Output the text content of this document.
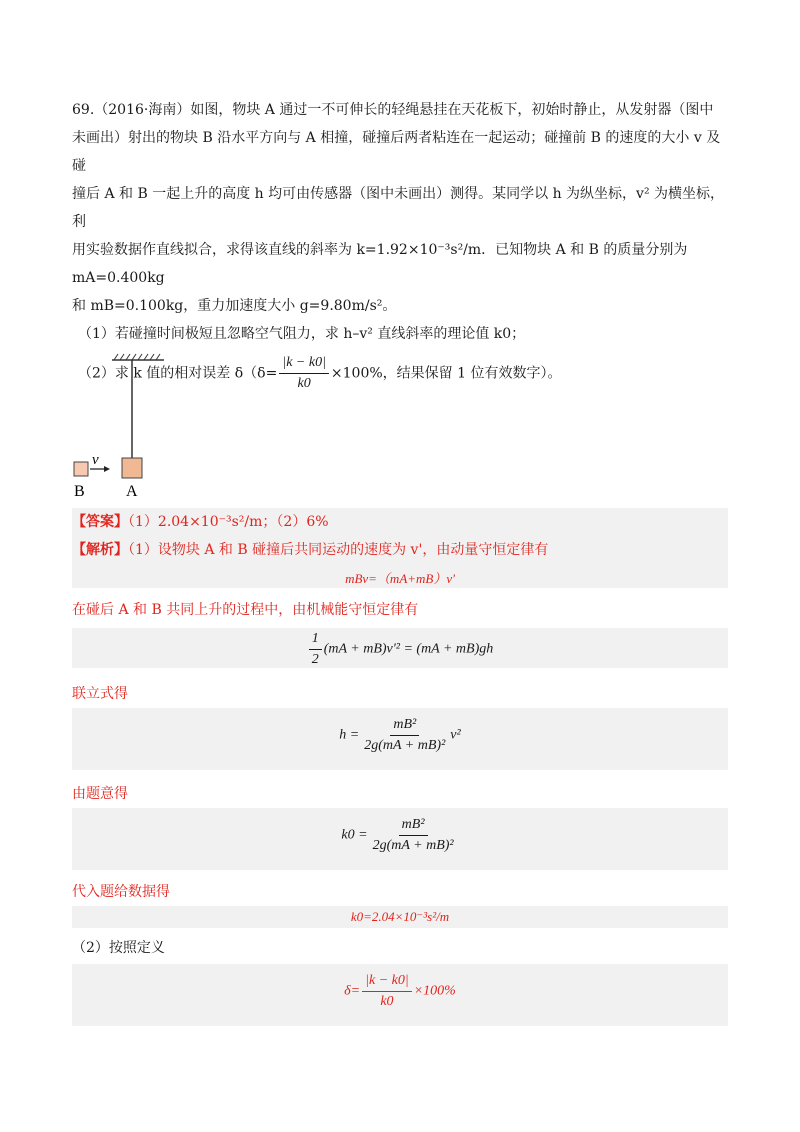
69.（2016·海南）如图，物块 A 通过一不可伸长的轻绳悬挂在天花板下，初始时静止，从发射器（图中

未画出）射出的物块 B 沿水平方向与 A 相撞，碰撞后两者粘连在一起运动；碰撞前 B 的速度的大小 v 及碰

撞后 A 和 B 一起上升的高度 h 均可由传感器（图中未画出）测得。某同学以 h 为纵坐标，v² 为横坐标，利

用实验数据作直线拟合，求得该直线的斜率为 k=1.92×10⁻³s²/m．已知物块 A 和 B 的质量分别为 mA=0.400kg

和 mB=0.100kg，重力加速度大小 g=9.80m/s²。

（1）若碰撞时间极短且忽略空气阻力，求 h–v² 直线斜率的理论值 k0；

（2）求 k 值的相对误差 $\delta(\delta= \frac{|k - k0|}{k0} \times 100\%$，结果保留 1 位有效数字）。

v
B	A

【答案】（1）2.04×10⁻³s²/m；（2）6%

【解析】（1）设物块 A 和 B 碰撞后共同运动的速度为 v'，由动量守恒定律有

mBv=（mA+mB）v'
在碰后 A 和 B 共同上升的过程中，由机械能守恒定律有
$\frac{1}{2} (mA + mB)v'^2 = (mA + mB)gh$
联立式得
$h = \frac{\text{mB²}}{\text{2g(mA + mB)²}} v^2$
由题意得
$k0 = \frac{\text{mB²}}{\text{2g(mA + mB)²}}$
代入题给数据得
k0=2.04×10⁻³s²/m
（2）按照定义
$\delta= \frac{|k - k0|}{k0} \times 100\%$
